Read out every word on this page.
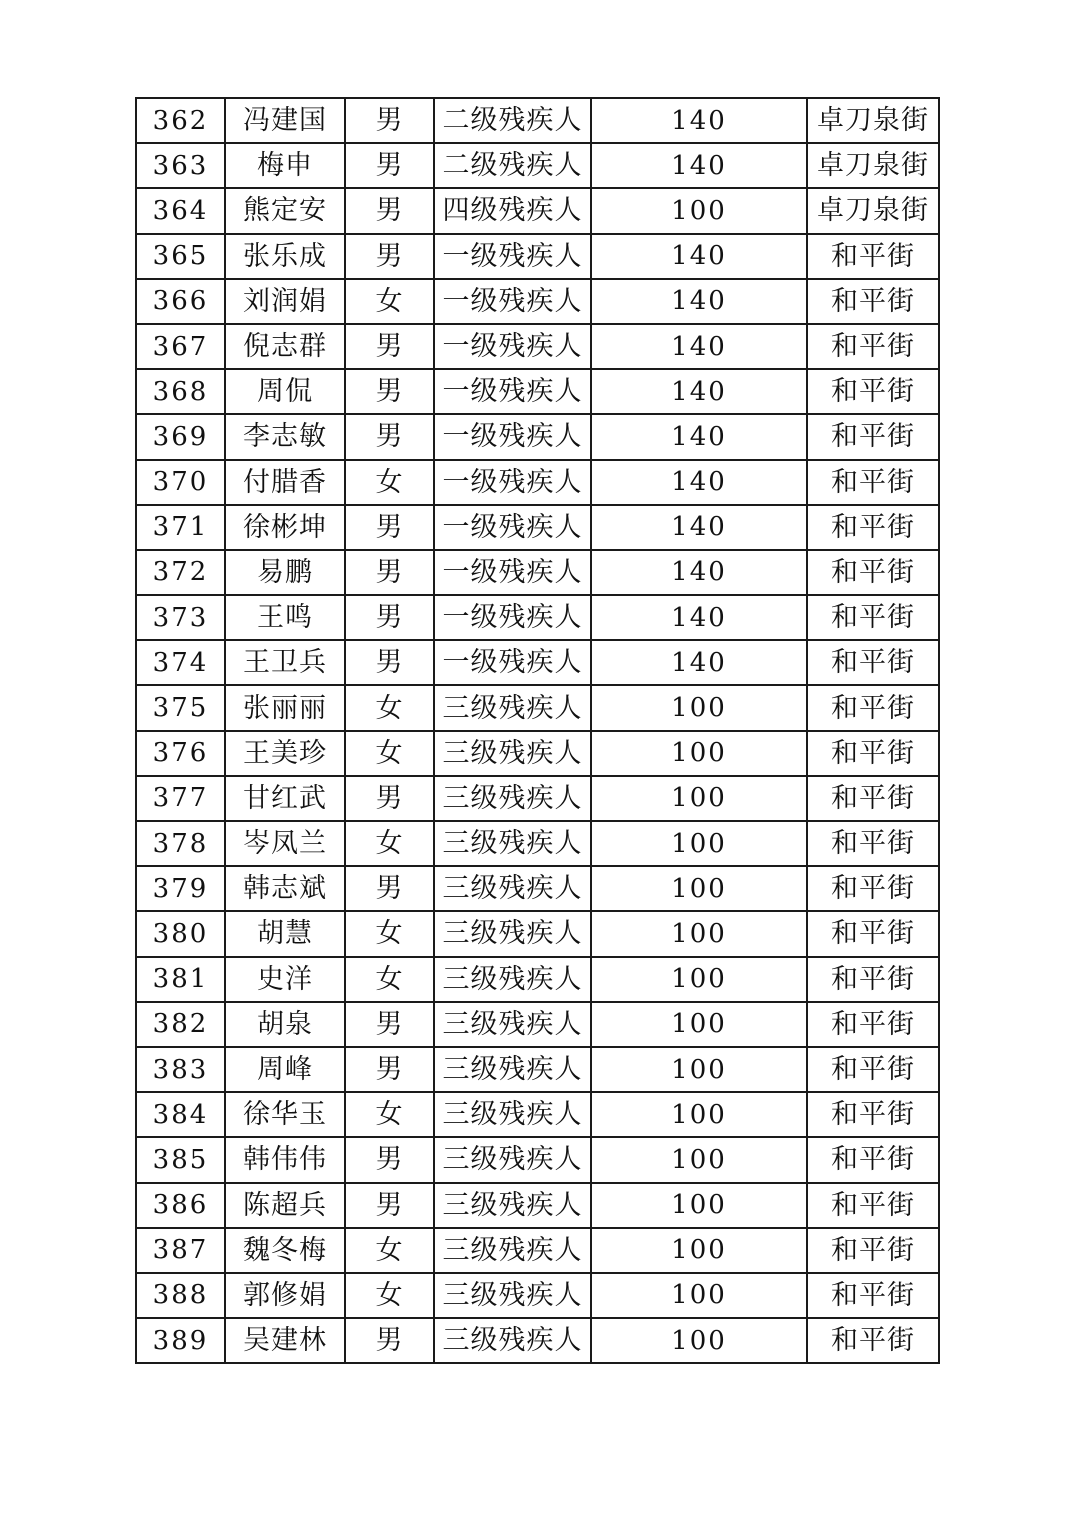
362	冯建国	男	二级残疾人	140	卓刀泉街
363	梅申	男	二级残疾人	140	卓刀泉街
364	熊定安	男	四级残疾人	100	卓刀泉街
365	张乐成	男	一级残疾人	140	和平街
366	刘润娟	女	一级残疾人	140	和平街
367	倪志群	男	一级残疾人	140	和平街
368	周侃	男	一级残疾人	140	和平街
369	李志敏	男	一级残疾人	140	和平街
370	付腊香	女	一级残疾人	140	和平街
371	徐彬坤	男	一级残疾人	140	和平街
372	易鹏	男	一级残疾人	140	和平街
373	王鸣	男	一级残疾人	140	和平街
374	王卫兵	男	一级残疾人	140	和平街
375	张丽丽	女	三级残疾人	100	和平街
376	王美珍	女	三级残疾人	100	和平街
377	甘红武	男	三级残疾人	100	和平街
378	岑凤兰	女	三级残疾人	100	和平街
379	韩志斌	男	三级残疾人	100	和平街
380	胡慧	女	三级残疾人	100	和平街
381	史洋	女	三级残疾人	100	和平街
382	胡泉	男	三级残疾人	100	和平街
383	周峰	男	三级残疾人	100	和平街
384	徐华玉	女	三级残疾人	100	和平街
385	韩伟伟	男	三级残疾人	100	和平街
386	陈超兵	男	三级残疾人	100	和平街
387	魏冬梅	女	三级残疾人	100	和平街
388	郭修娟	女	三级残疾人	100	和平街
389	吴建林	男	三级残疾人	100	和平街
